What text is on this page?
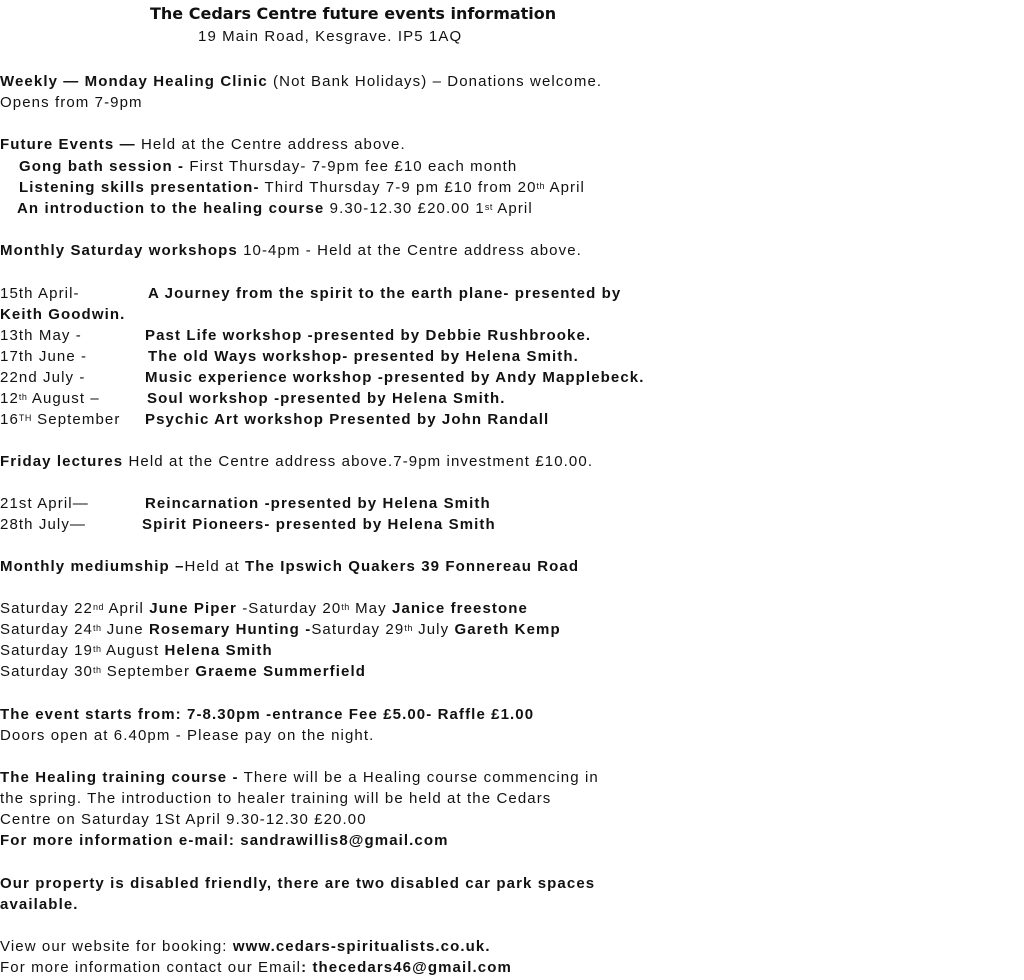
The Cedars Centre future events information
19 Main Road, Kesgrave. IP5 1AQ
Weekly — Monday Healing Clinic (Not Bank Holidays) – Donations welcome.
Opens from 7-9pm
Future Events — Held at the Centre address above.
Gong bath session - First Thursday- 7-9pm fee £10 each month
Listening skills presentation- Third Thursday 7-9 pm £10 from 20th April
An introduction to the healing course 9.30-12.30 £20.00 1st April
Monthly Saturday workshops 10-4pm - Held at the Centre address above.
15th April-	A Journey from the spirit to the earth plane- presented by
Keith Goodwin.
13th May -	Past Life workshop -presented by Debbie Rushbrooke.
17th June -	The old Ways workshop- presented by Helena Smith.
22nd July -	Music experience workshop -presented by Andy Mapplebeck.
12th August –	Soul workshop -presented by Helena Smith.
16TH September Psychic Art workshop Presented by John Randall
Friday lectures Held at the Centre address above.7-9pm investment £10.00.
21st April—	Reincarnation -presented by Helena Smith
28th July—	Spirit Pioneers- presented by Helena Smith
Monthly mediumship –Held at The Ipswich Quakers 39 Fonnereau Road
Saturday 22nd April June Piper -Saturday 20th May Janice freestone
Saturday 24th June Rosemary Hunting -Saturday 29th July Gareth Kemp
Saturday 19th August Helena Smith
Saturday 30th September Graeme Summerfield
The event starts from: 7-8.30pm -entrance Fee £5.00- Raffle £1.00
Doors open at 6.40pm - Please pay on the night.
The Healing training course - There will be a Healing course commencing in
the spring. The introduction to healer training will be held at the Cedars
Centre on Saturday 1St April 9.30-12.30 £20.00
For more information e-mail: sandrawillis8@gmail.com
Our property is disabled friendly, there are two disabled car park spaces
available.
View our website for booking: www.cedars-spiritualists.co.uk.
For more information contact our Email: thecedars46@gmail.com
